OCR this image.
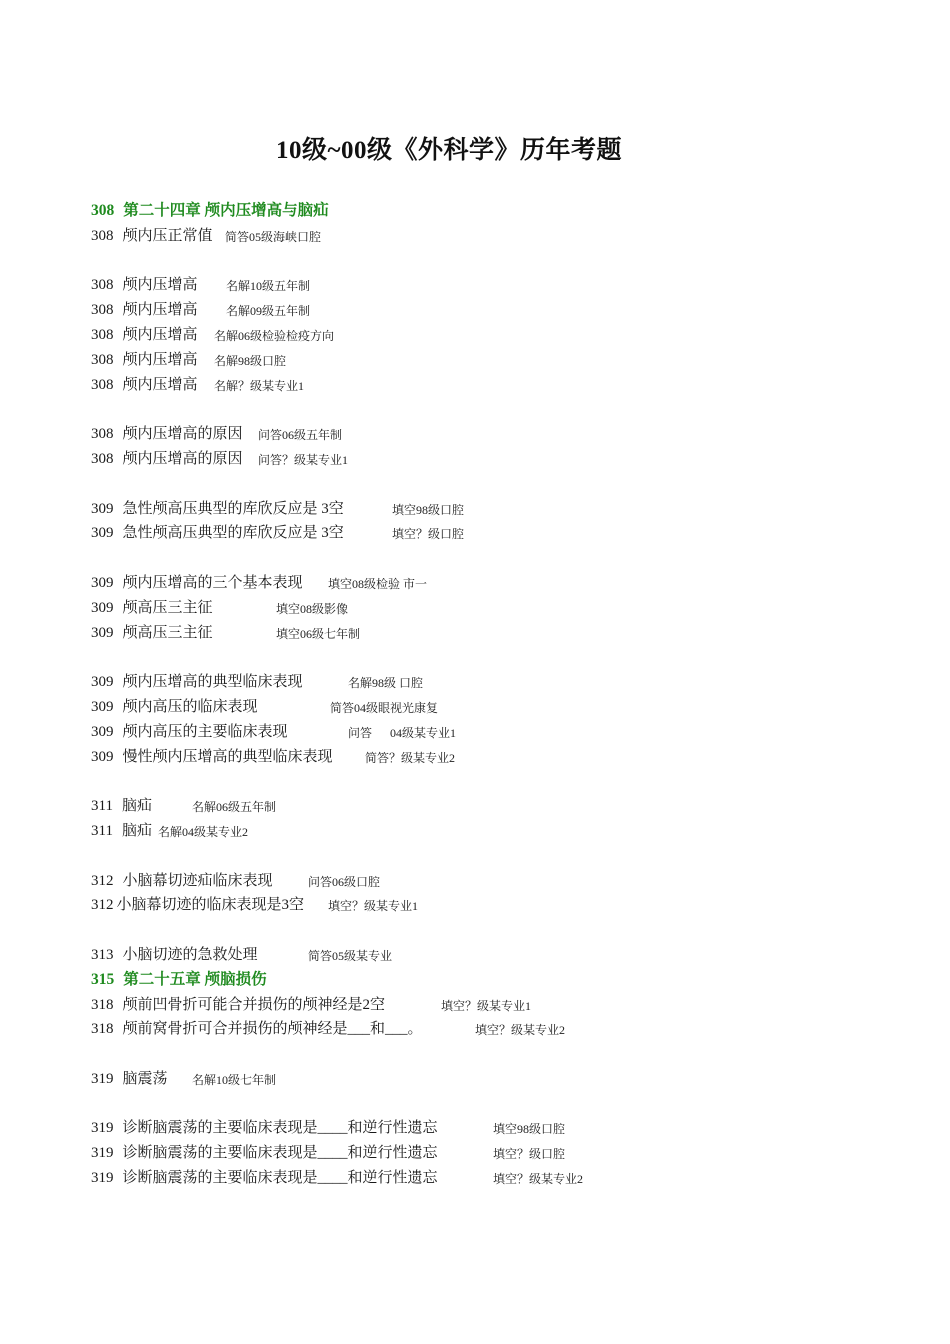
10级~00级《外科学》历年考题
308 第二十四章 颅内压增高与脑疝
308 颅内压正常值 简答05级海峡口腔
308 颅内压增高 名解10级五年制
308 颅内压增高 名解09级五年制
308 颅内压增高 名解06级检验检疫方向
308 颅内压增高 名解98级口腔
308 颅内压增高 名解？级某专业1
308 颅内压增高的原因 问答06级五年制
308 颅内压增高的原因 问答？级某专业1
309 急性颅高压典型的库欣反应是 3空	填空98级口腔
309 急性颅高压典型的库欣反应是 3空	填空？级口腔
309 颅内压增高的三个基本表现 填空08级检验 市一
309 颅高压三主征	填空08级影像
309 颅高压三主征	填空06级七年制
309 颅内压增高的典型临床表现	名解98级 口腔
309 颅内高压的临床表现	简答04级眼视光康复
309 颅内高压的主要临床表现	问答      04级某专业1
309 慢性颅内压增高的典型临床表现	简答？级某专业2
311 脑疝	名解06级五年制
311 脑疝 名解04级某专业2
312 小脑幕切迹疝临床表现	问答06级口腔
312 小脑幕切迹的临床表现是3空 填空？级某专业1
313 小脑切迹的急救处理	简答05级某专业
315 第二十五章 颅脑损伤
318 颅前凹骨折可能合并损伤的颅神经是2空	填空？级某专业1
318 颅前窝骨折可合并损伤的颅神经是___和___。	填空？级某专业2
319 脑震荡 名解10级七年制
319 诊断脑震荡的主要临床表现是____和逆行性遗忘	填空98级口腔
319 诊断脑震荡的主要临床表现是____和逆行性遗忘	填空？级口腔
319 诊断脑震荡的主要临床表现是____和逆行性遗忘	填空？级某专业2
